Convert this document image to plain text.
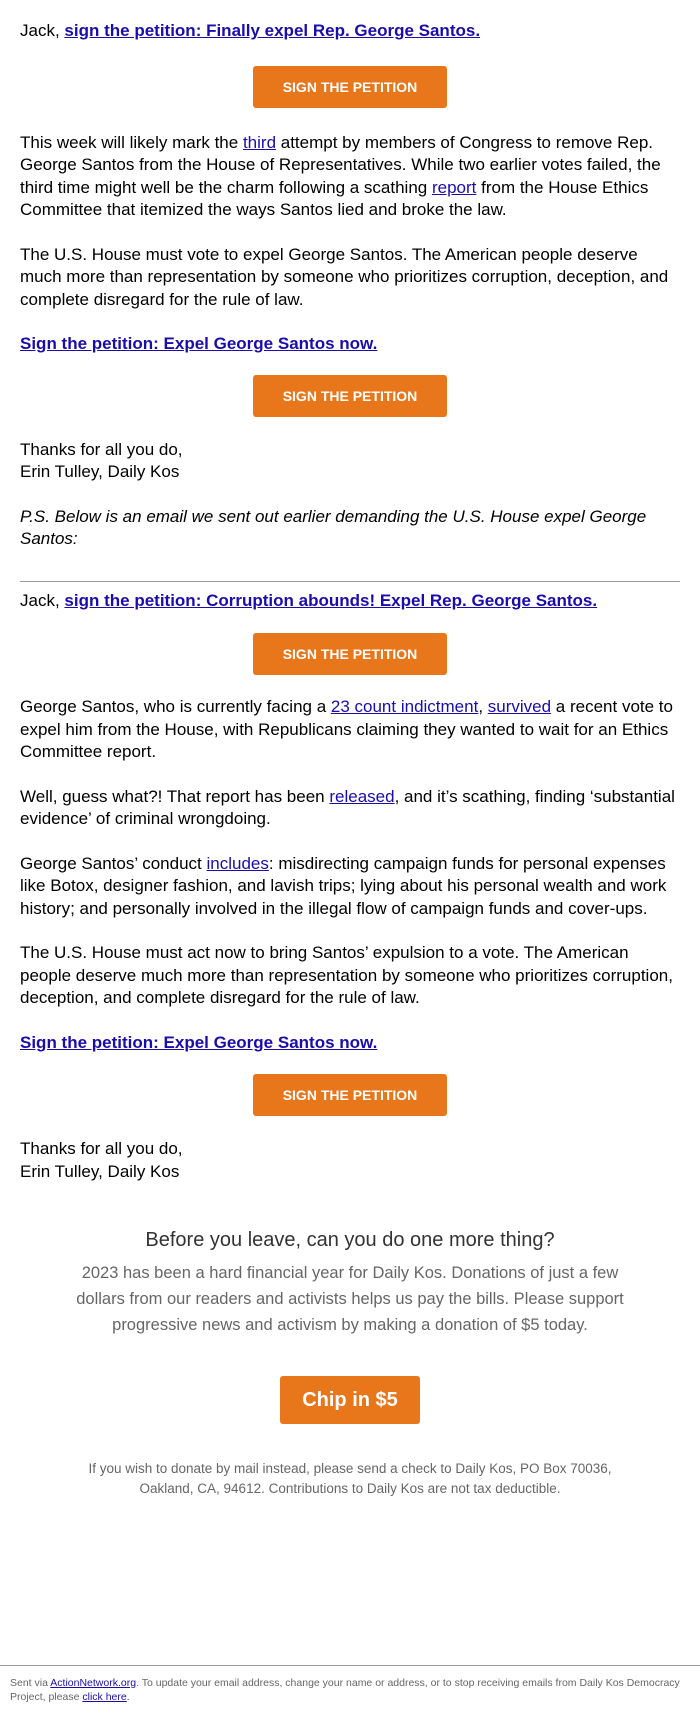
Jack, sign the petition: Finally expel Rep. George Santos.

SIGN THE PETITION

This week will likely mark the third attempt by members of Congress to remove Rep. George Santos from the House of Representatives. While two earlier votes failed, the third time might well be the charm following a scathing report from the House Ethics Committee that itemized the ways Santos lied and broke the law.

The U.S. House must vote to expel George Santos. The American people deserve much more than representation by someone who prioritizes corruption, deception, and complete disregard for the rule of law.

Sign the petition: Expel George Santos now.

SIGN THE PETITION

Thanks for all you do,
Erin Tulley, Daily Kos

P.S. Below is an email we sent out earlier demanding the U.S. House expel George Santos:

Jack, sign the petition: Corruption abounds! Expel Rep. George Santos.

SIGN THE PETITION

George Santos, who is currently facing a 23 count indictment, survived a recent vote to expel him from the House, with Republicans claiming they wanted to wait for an Ethics Committee report.

Well, guess what?! That report has been released, and it’s scathing, finding ‘substantial evidence’ of criminal wrongdoing.

George Santos’ conduct includes: misdirecting campaign funds for personal expenses like Botox, designer fashion, and lavish trips; lying about his personal wealth and work history; and personally involved in the illegal flow of campaign funds and cover-ups.

The U.S. House must act now to bring Santos’ expulsion to a vote. The American people deserve much more than representation by someone who prioritizes corruption, deception, and complete disregard for the rule of law.

Sign the petition: Expel George Santos now.

SIGN THE PETITION

Thanks for all you do,
Erin Tulley, Daily Kos

Before you leave, can you do one more thing?

2023 has been a hard financial year for Daily Kos. Donations of just a few dollars from our readers and activists helps us pay the bills. Please support progressive news and activism by making a donation of $5 today.

Chip in $5

If you wish to donate by mail instead, please send a check to Daily Kos, PO Box 70036, Oakland, CA, 94612. Contributions to Daily Kos are not tax deductible.

Sent via ActionNetwork.org. To update your email address, change your name or address, or to stop receiving emails from Daily Kos Democracy Project, please click here.
